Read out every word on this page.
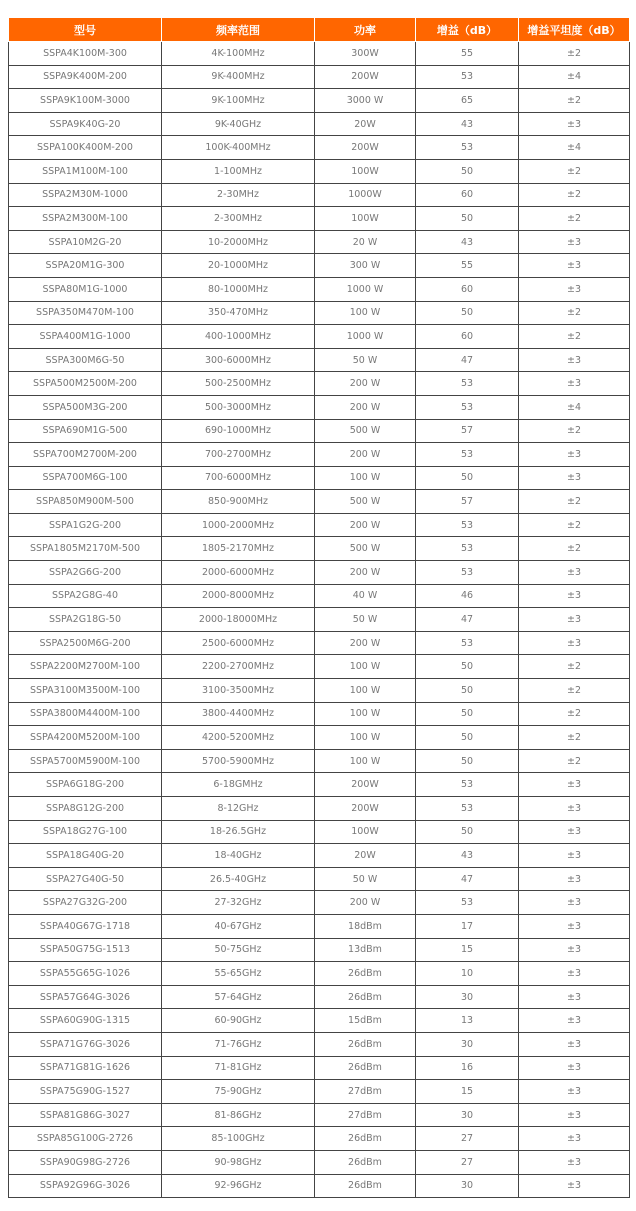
型号	频率范围	功率	增益（dB）	增益平坦度（dB）
SSPA4K100M-300	4K-100MHz	300W	55	±2
SSPA9K400M-200	9K-400MHz	200W	53	±4
SSPA9K100M-3000	9K-100MHz	3000 W	65	±2
SSPA9K40G-20	9K-40GHz	20W	43	±3
SSPA100K400M-200	100K-400MHz	200W	53	±4
SSPA1M100M-100	1-100MHz	100W	50	±2
SSPA2M30M-1000	2-30MHz	1000W	60	±2
SSPA2M300M-100	2-300MHz	100W	50	±2
SSPA10M2G-20	10-2000MHz	20 W	43	±3
SSPA20M1G-300	20-1000MHz	300 W	55	±3
SSPA80M1G-1000	80-1000MHz	1000 W	60	±3
SSPA350M470M-100	350-470MHz	100 W	50	±2
SSPA400M1G-1000	400-1000MHz	1000 W	60	±2
SSPA300M6G-50	300-6000MHz	50 W	47	±3
SSPA500M2500M-200	500-2500MHz	200 W	53	±3
SSPA500M3G-200	500-3000MHz	200 W	53	±4
SSPA690M1G-500	690-1000MHz	500 W	57	±2
SSPA700M2700M-200	700-2700MHz	200 W	53	±3
SSPA700M6G-100	700-6000MHz	100 W	50	±3
SSPA850M900M-500	850-900MHz	500 W	57	±2
SSPA1G2G-200	1000-2000MHz	200 W	53	±2
SSPA1805M2170M-500	1805-2170MHz	500 W	53	±2
SSPA2G6G-200	2000-6000MHz	200 W	53	±3
SSPA2G8G-40	2000-8000MHz	40 W	46	±3
SSPA2G18G-50	2000-18000MHz	50 W	47	±3
SSPA2500M6G-200	2500-6000MHz	200 W	53	±3
SSPA2200M2700M-100	2200-2700MHz	100 W	50	±2
SSPA3100M3500M-100	3100-3500MHz	100 W	50	±2
SSPA3800M4400M-100	3800-4400MHz	100 W	50	±2
SSPA4200M5200M-100	4200-5200MHz	100 W	50	±2
SSPA5700M5900M-100	5700-5900MHz	100 W	50	±2
SSPA6G18G-200	6-18GMHz	200W	53	±3
SSPA8G12G-200	8-12GHz	200W	53	±3
SSPA18G27G-100	18-26.5GHz	100W	50	±3
SSPA18G40G-20	18-40GHz	20W	43	±3
SSPA27G40G-50	26.5-40GHz	50 W	47	±3
SSPA27G32G-200	27-32GHz	200 W	53	±3
SSPA40G67G-1718	40-67GHz	18dBm	17	±3
SSPA50G75G-1513	50-75GHz	13dBm	15	±3
SSPA55G65G-1026	55-65GHz	26dBm	10	±3
SSPA57G64G-3026	57-64GHz	26dBm	30	±3
SSPA60G90G-1315	60-90GHz	15dBm	13	±3
SSPA71G76G-3026	71-76GHz	26dBm	30	±3
SSPA71G81G-1626	71-81GHz	26dBm	16	±3
SSPA75G90G-1527	75-90GHz	27dBm	15	±3
SSPA81G86G-3027	81-86GHz	27dBm	30	±3
SSPA85G100G-2726	85-100GHz	26dBm	27	±3
SSPA90G98G-2726	90-98GHz	26dBm	27	±3
SSPA92G96G-3026	92-96GHz	26dBm	30	±3
